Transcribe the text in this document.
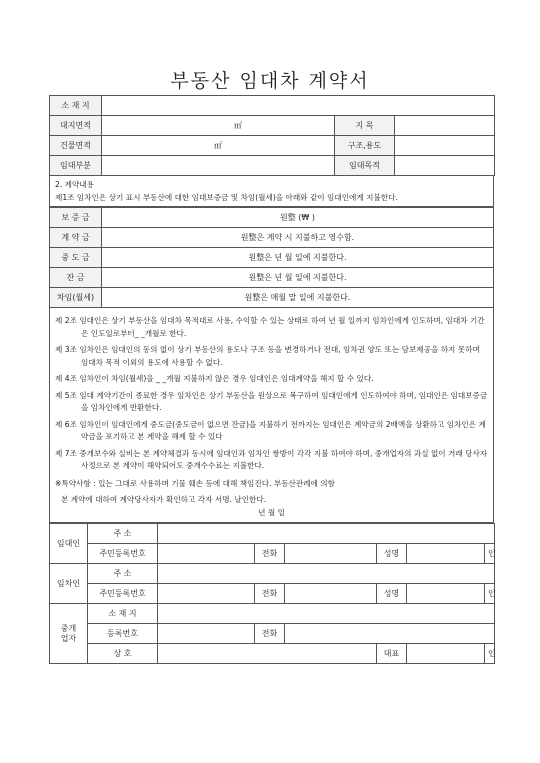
부동산 임대차 계약서
소 재 지			
대지면적	㎡	지 목	
건물면적	㎡	구조,용도	
임대부분		임대목적	

2. 계약내용

제1조 임차인은 상기 표시 부동산에 대한 임대보증금 및 차임(월세)을 아래와 같이 임대인에게 지불한다.

보 증 금	원整 (₩ )
계 약 금	원整은 계약 시 지불하고 영수함.
중 도 금	원整은 년 월 일에 지불한다.
잔 금	원整은 년 월 일에 지불한다.
차임(월세)	원整은 매월 말 일에 지불한다.

제 2조 임대인은 상기 부동산을 임대차 목적대로 사용, 수익할 수 있는 상태로 하여 년 월 일까지 임차인에게 인도하며, 임대차 기간은 인도일로부터_ _개월로 한다.

제 3조 임차인은 임대인의 동의 없이 상기 부동산의 용도나 구조 등을 변경하거나 전대, 임차권 양도 또는 담보제공을 하지 못하며 임대차 목적 이외의 용도에 사용할 수 없다.

제 4조 임차인이 차임(월세)을 _ _개월 지불하지 않은 경우 임대인은 임대계약을 해지 할 수 있다.

제 5조 임대 계약기간이 종료한 경우 임차인은 상기 부동산을 원상으로 복구하여 임대인에게 인도하여야 하며, 임대인은 임대보증금을 임차인에게 반환한다.

제 6조 임차인이 임대인에게 중도금(중도금이 없으면 잔금)을 지불하기 전까지는 임대인은 계약금의 2배액을 상환하고 임차인은 계약금을 포기하고 본 계약을 해제 할 수 있다

제 7조 중개보수와 실비는 본 계약체결과 동시에 임대인과 임차인 쌍방이 각각 지불 하여야 하며, 중개업자의 과실 없이 거래 당사자 사정으로 본 계약이 해약되어도 중개수수료는 지불한다.

※특약사항 : 있는 그대로 사용하며 기물 훼손 등에 대해 책임진다. 부동산관례에 의함

본 계약에 대하여 계약당사자가 확인하고 각자 서명. 날인한다.

년 월 일

임대인	주 소						
	주민등록번호		전화		성명		인
임차인	주 소						
	주민등록번호		전화		성명		인
중개업자	소 재 지						
	등록번호		전화				
	상 호				대표		인
